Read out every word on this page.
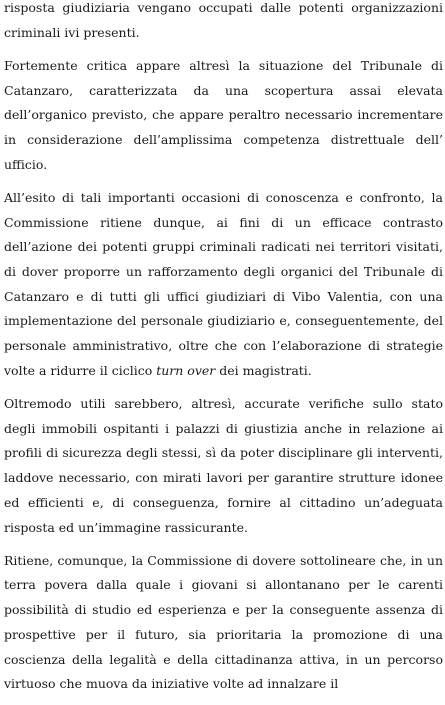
risposta giudiziaria vengano occupati dalle potenti organizzazioni criminali ivi presenti.

Fortemente critica appare altresì la situazione del Tribunale di Catanzaro, caratterizzata da una scopertura assai elevata dell’organico previsto, che appare peraltro necessario incrementare in considerazione dell’amplissima competenza distrettuale dell’ ufficio.

All’esito di tali importanti occasioni di conoscenza e confronto, la Commissione ritiene dunque, ai fini di un efficace contrasto dell’azione dei potenti gruppi criminali radicati nei territori visitati, di dover proporre un rafforzamento degli organici del Tribunale di Catanzaro e di tutti gli uffici giudiziari di Vibo Valentia, con una implementazione del personale giudiziario e, conseguentemente, del personale amministrativo, oltre che con l’elaborazione di strategie volte a ridurre il ciclico turn over dei magistrati.

Oltremodo utili sarebbero, altresì, accurate verifiche sullo stato degli immobili ospitanti i palazzi di giustizia anche in relazione ai profili di sicurezza degli stessi, sì da poter disciplinare gli interventi, laddove necessario, con mirati lavori per garantire strutture idonee ed efficienti e, di conseguenza, fornire al cittadino un’adeguata risposta ed un’immagine rassicurante.

Ritiene, comunque, la Commissione di dovere sottolineare che, in un terra povera dalla quale i giovani si allontanano per le carenti possibilità di studio ed esperienza e per la conseguente assenza di prospettive per il futuro, sia prioritaria la promozione di una coscienza della legalità e della cittadinanza attiva, in un percorso virtuoso che muova da iniziative volte ad innalzare il
